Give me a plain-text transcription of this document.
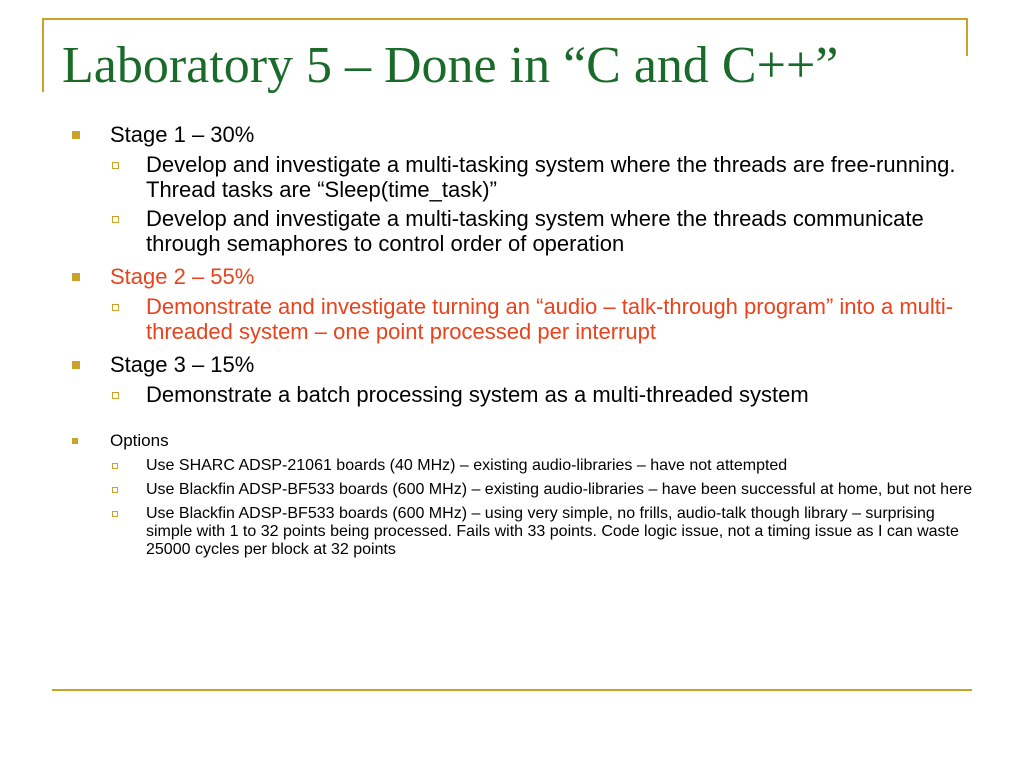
Laboratory 5 – Done in “C and C++”
Stage 1 – 30%
Develop and investigate a multi-tasking system where the threads are free-running. Thread tasks are “Sleep(time_task)”
Develop and investigate a multi-tasking system where the threads communicate through semaphores to control order of operation
Stage 2 – 55%
Demonstrate and investigate turning an “audio – talk-through program” into a multi-threaded system – one point processed per interrupt
Stage 3 – 15%
Demonstrate a batch processing system as a multi-threaded system
Options
Use SHARC ADSP-21061 boards (40 MHz) – existing audio-libraries – have not attempted
Use Blackfin ADSP-BF533 boards (600 MHz) – existing audio-libraries – have been successful at home, but not here
Use Blackfin ADSP-BF533 boards (600 MHz) – using very simple, no frills, audio-talk though library – surprising simple with 1 to 32 points being processed. Fails with 33 points. Code logic issue, not a timing issue as I can waste 25000 cycles per block at 32 points
